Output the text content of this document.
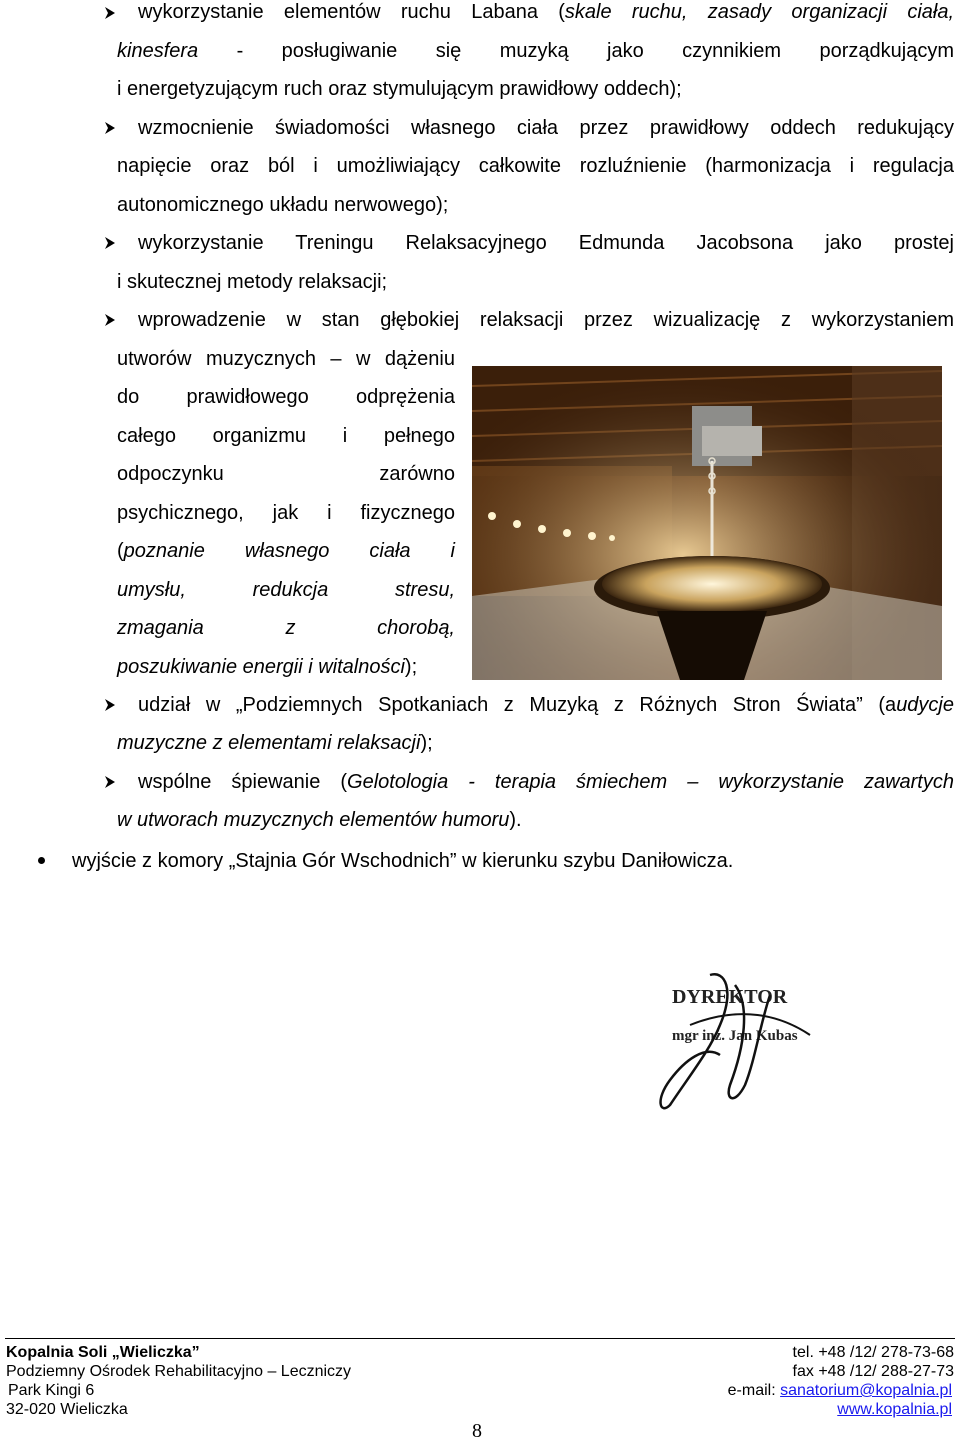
wykorzystanie elementów ruchu Labana (skale ruchu, zasady organizacji ciała,
kinesfera - posługiwanie się muzyką jako czynnikiem porządkującym
i energetyzującym ruch oraz stymulującym prawidłowy oddech);
wzmocnienie świadomości własnego ciała przez prawidłowy oddech redukujący
napięcie oraz ból i umożliwiający całkowite rozluźnienie (harmonizacja i regulacja
autonomicznego układu nerwowego);
wykorzystanie Treningu Relaksacyjnego Edmunda Jacobsona jako prostej
i skutecznej metody relaksacji;
wprowadzenie w stan głębokiej relaksacji przez wizualizację z wykorzystaniem
utworów muzycznych – w dążeniu
do prawidłowego odprężenia
całego organizmu i pełnego
odpoczynku zarówno
psychicznego, jak i fizycznego
(poznanie własnego ciała i
umysłu, redukcja stresu,
zmagania z chorobą,
poszukiwanie energii i witalności);
udział w „Podziemnych Spotkaniach z Muzyką z Różnych Stron Świata” (audycje
muzyczne z elementami relaksacji);
wspólne śpiewanie (Gelotologia - terapia śmiechem – wykorzystanie zawartych
w utworach muzycznych elementów humoru).
wyjście z komory „Stajnia Gór Wschodnich” w kierunku szybu Daniłowicza.
DYREKTOR
mgr inż. Jan Kubas
Kopalnia Soli „Wieliczka”
Podziemny Ośrodek Rehabilitacyjno – Leczniczy
Park Kingi 6
32-020 Wieliczka
tel. +48 /12/ 278-73-68
fax +48 /12/ 288-27-73
e-mail: sanatorium@kopalnia.pl
www.kopalnia.pl
8
